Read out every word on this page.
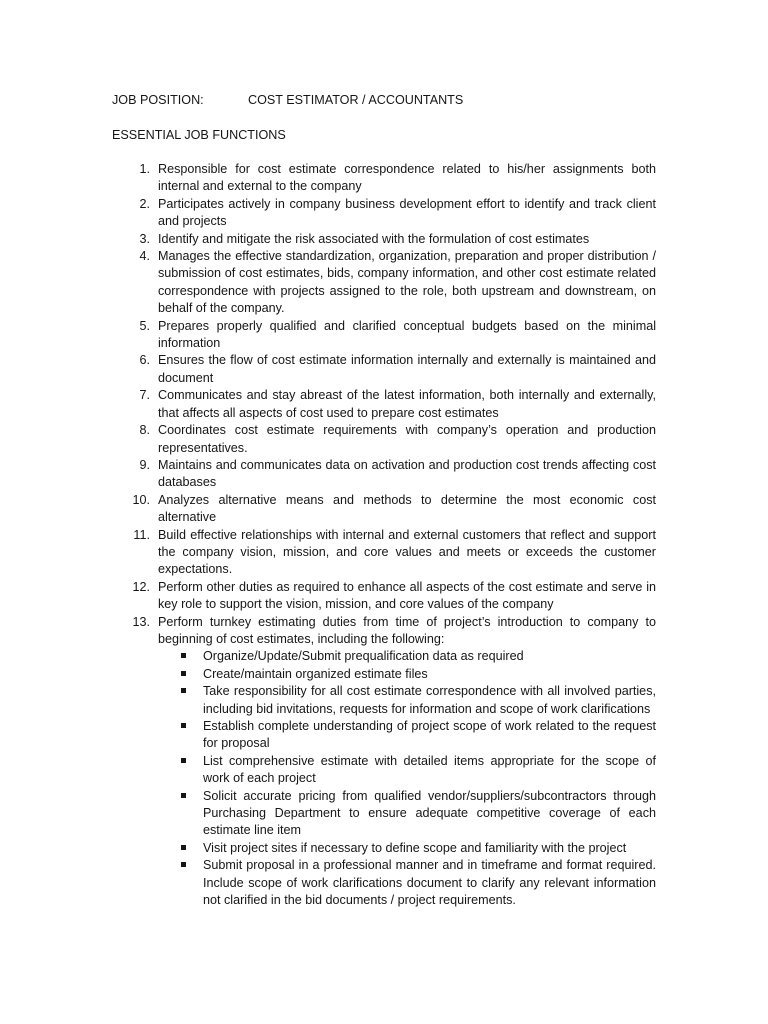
JOB POSITION:	COST ESTIMATOR / ACCOUNTANTS
ESSENTIAL JOB FUNCTIONS
1. Responsible for cost estimate correspondence related to his/her assignments both internal and external to the company
2. Participates actively in company business development effort to identify and track client and projects
3. Identify and mitigate the risk associated with the formulation of cost estimates
4. Manages the effective standardization, organization, preparation and proper distribution / submission of cost estimates, bids, company information, and other cost estimate related correspondence with projects assigned to the role, both upstream and downstream, on behalf of the company.
5. Prepares properly qualified and clarified conceptual budgets based on the minimal information
6. Ensures the flow of cost estimate information internally and externally is maintained and document
7. Communicates and stay abreast of the latest information, both internally and externally, that affects all aspects of cost used to prepare cost estimates
8. Coordinates cost estimate requirements with company’s operation and production representatives.
9. Maintains and communicates data on activation and production cost trends affecting cost databases
10. Analyzes alternative means and methods to determine the most economic cost alternative
11. Build effective relationships with internal and external customers that reflect and support the company vision, mission, and core values and meets or exceeds the customer expectations.
12. Perform other duties as required to enhance all aspects of the cost estimate and serve in key role to support the vision, mission, and core values of the company
13. Perform turnkey estimating duties from time of project’s introduction to company to beginning of cost estimates, including the following:
Organize/Update/Submit prequalification data as required
Create/maintain organized estimate files
Take responsibility for all cost estimate correspondence with all involved parties, including bid invitations, requests for information and scope of work clarifications
Establish complete understanding of project scope of work related to the request for proposal
List comprehensive estimate with detailed items appropriate for the scope of work of each project
Solicit accurate pricing from qualified vendor/suppliers/subcontractors through Purchasing Department to ensure adequate competitive coverage of each estimate line item
Visit project sites if necessary to define scope and familiarity with the project
Submit proposal in a professional manner and in timeframe and format required. Include scope of work clarifications document to clarify any relevant information not clarified in the bid documents / project requirements.
